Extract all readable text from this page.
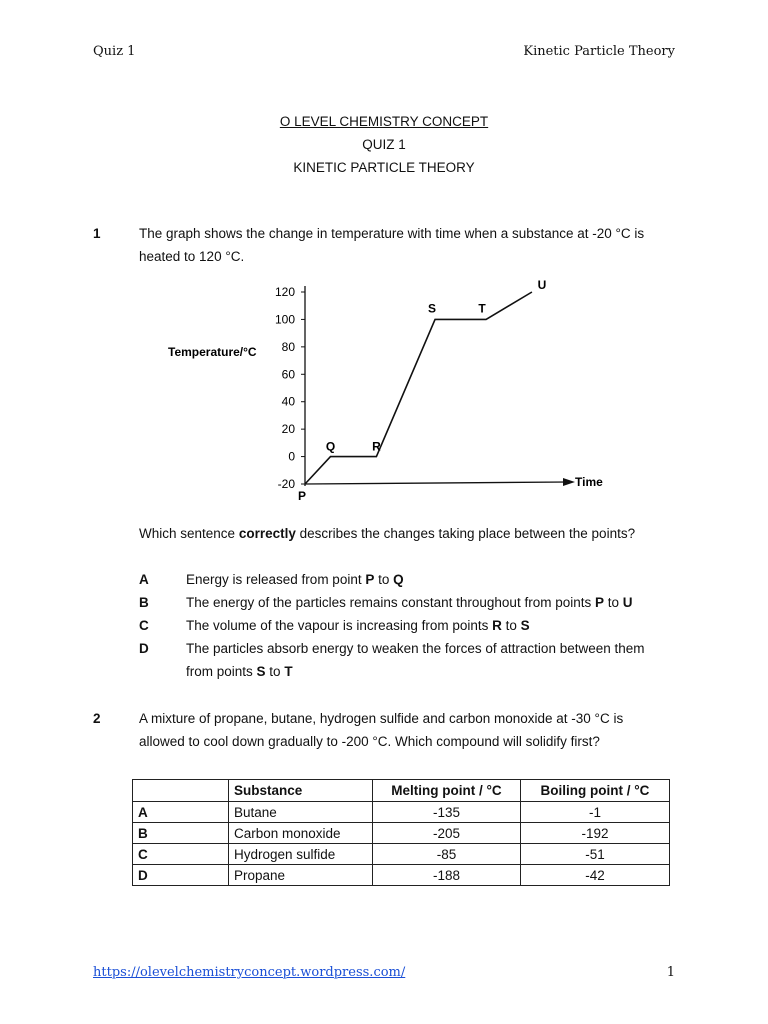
Quiz 1	Kinetic Particle Theory
O LEVEL CHEMISTRY CONCEPT
QUIZ 1
KINETIC PARTICLE THEORY
1	The graph shows the change in temperature with time when a substance at -20 °C is
heated to 120 °C.
Temperature/°C
Time
120
100
80
60
40
20
0
-20
P
Q	R
S	T
U
Which sentence correctly describes the changes taking place between the points?
A	Energy is released from point P to Q
B	The energy of the particles remains constant throughout from points P to U
C	The volume of the vapour is increasing from points R to S
D	The particles absorb energy to weaken the forces of attraction between them
from points S to T
2	A mixture of propane, butane, hydrogen sulfide and carbon monoxide at -30 °C is
allowed to cool down gradually to -200 °C. Which compound will solidify first?
	Substance	Melting point / °C	Boiling point / °C
A	Butane	-135	-1
B	Carbon monoxide	-205	-192
C	Hydrogen sulfide	-85	-51
D	Propane	-188	-42
https://olevelchemistryconcept.wordpress.com/	1
